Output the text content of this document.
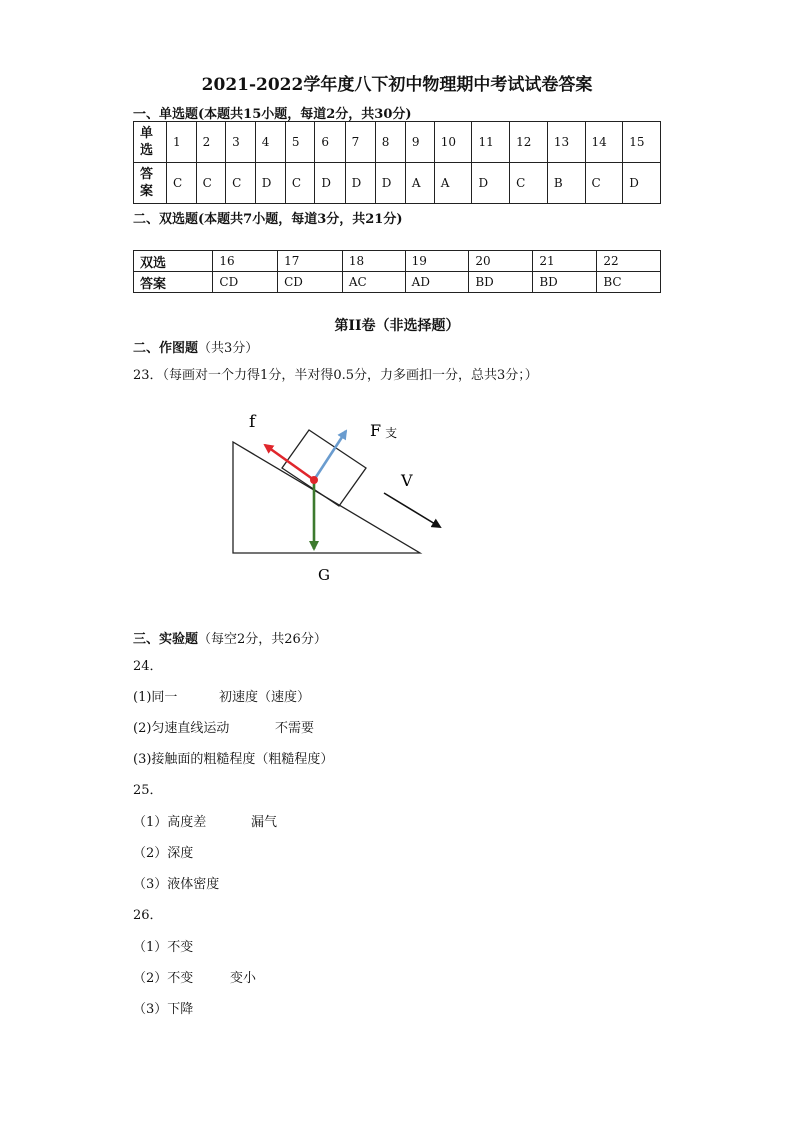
2021-2022学年度八下初中物理期中考试试卷答案
一、单选题(本题共15小题，每道2分，共30分)
单选	1	2	3	4	5	6	7	8	9	10	11	12	13	14	15
答案	C	C	C	D	C	D	D	D	A	A	D	C	B	C	D
二、双选题(本题共7小题，每道3分，共21分)
双选	16	17	18	19	20	21	22
答案	CD	CD	AC	AD	BD	BD	BC
第II卷（非选择题）
二、作图题（共3分）
23．（每画对一个力得1分，半对得0.5分，力多画扣一分，总共3分；）
f	F 支
V
G
三、实验题（每空2分，共26分）
24．
(1)同一	初速度（速度）
(2)匀速直线运动	不需要
(3)接触面的粗糙程度（粗糙程度）
25．
（1）高度差	漏气
（2）深度
（3）液体密度
26．
（1）不变
（2）不变	变小
（3）下降
